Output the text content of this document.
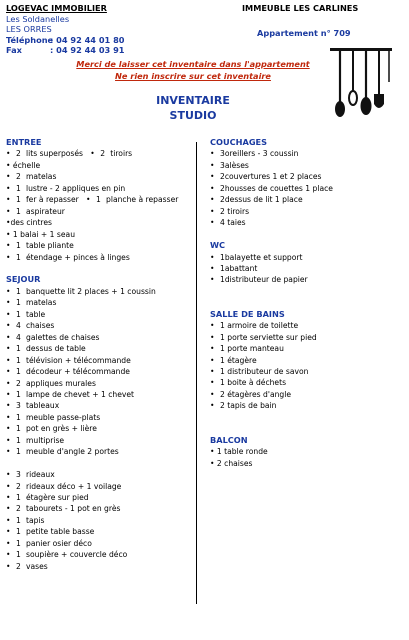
LOGEVAC IMMOBILIER
Les Soldanelles
LES ORRES
Téléphone: 04 92 44 01 80
Fax	: 04 92 44 03 91
IMMEUBLE LES CARLINES
Appartement n° 709
Merci de laisser cet inventaire dans l'appartement
Ne rien inscrire sur cet inventaire
INVENTAIRE
STUDIO
ENTREE
• 2 lits superposés • 2 tiroirs
• échelle
• 2 matelas
• 1 lustre - 2 appliques en pin
• 1 fer à repasser • 1 planche à repasser
• 1 aspirateur
•des cintres
• 1 balai + 1 seau
• 1 table pliante
• 1 étendage + pinces à linges
SEJOUR
• 1 banquette lit 2 places + 1 coussin
• 1 matelas
• 1 table
• 4 chaises
• 4 galettes de chaises
• 1 dessus de table
• 1 télévision + télécommande
• 1 décodeur + télécommande
• 2 appliques murales
• 1 lampe de chevet + 1 chevet
• 3 tableaux
• 1 meuble passe-plats
• 1 pot en grès + lière
• 1 multiprise
• 1 meuble d'angle 2 portes
• 3 rideaux
• 2 rideaux déco + 1 voilage
• 1 étagère sur pied
• 2 tabourets - 1 pot en grès
• 1 tapis
• 1 petite table basse
• 1 panier osier déco
• 1 soupière + couvercle déco
• 2 vases
COUCHAGES
• 3oreillers - 3 coussin
• 3alèses
• 2couvertures 1 et 2 places
• 2housses de couettes 1 place
• 2dessus de lit 1 place
• 2 tiroirs
• 4 taies
WC
• 1balayette et support
• 1abattant
• 1distributeur de papier
SALLE DE BAINS
• 1 armoire de toilette
• 1 porte serviette sur pied
• 1 porte manteau
• 1 étagère
• 1 distributeur de savon
• 1 boite à déchets
• 2 étagères d'angle
• 2 tapis de bain
BALCON
• 1 table ronde
• 2 chaises
